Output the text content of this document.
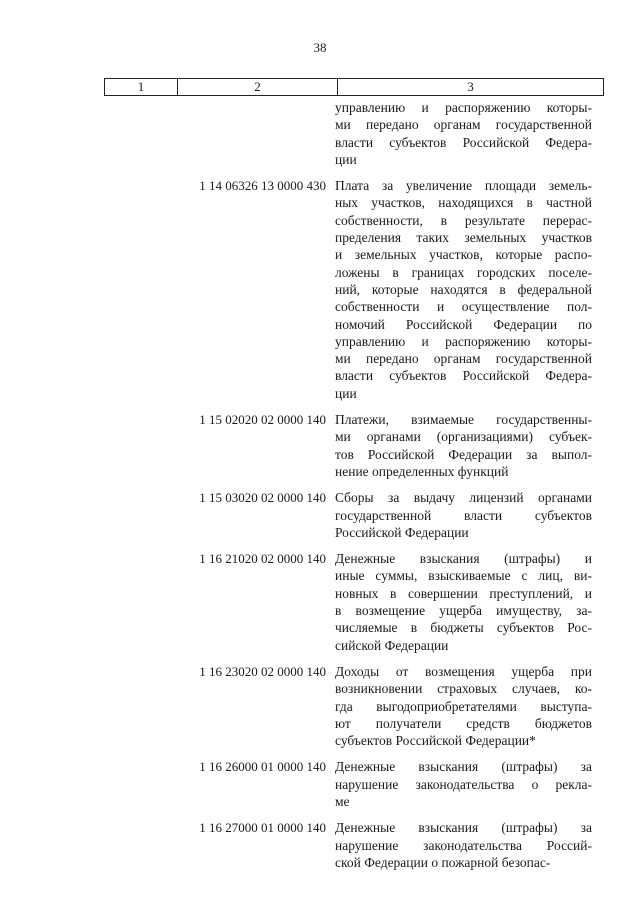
38
1	2	3
управлению и распоряжению которы-
ми передано органам государственной
власти субъектов Российской Федера-
ции
1 14 06326 13 0000 430 Плата за увеличение площади земель-
ных участков, находящихся в частной
собственности, в результате перерас-
пределения таких земельных участков
и земельных участков, которые распо-
ложены в границах городских поселе-
ний, которые находятся в федеральной
собственности и осуществление пол-
номочий Российской Федерации по
управлению и распоряжению которы-
ми передано органам государственной
власти субъектов Российской Федера-
ции
1 15 02020 02 0000 140 Платежи, взимаемые государственны-
ми органами (организациями) субъек-
тов Российской Федерации за выпол-
нение определенных функций
1 15 03020 02 0000 140 Сборы за выдачу лицензий органами
государственной власти субъектов
Российской Федерации
1 16 21020 02 0000 140 Денежные взыскания (штрафы) и
иные суммы, взыскиваемые с лиц, ви-
новных в совершении преступлений, и
в возмещение ущерба имуществу, за-
числяемые в бюджеты субъектов Рос-
сийской Федерации
1 16 23020 02 0000 140 Доходы от возмещения ущерба при
возникновении страховых случаев, ко-
гда выгодоприобретателями выступа-
ют получатели средств бюджетов
субъектов Российской Федерации*
1 16 26000 01 0000 140 Денежные взыскания (штрафы) за
нарушение законодательства о рекла-
ме
1 16 27000 01 0000 140 Денежные взыскания (штрафы) за
нарушение законодательства Россий-
ской Федерации о пожарной безопас-
